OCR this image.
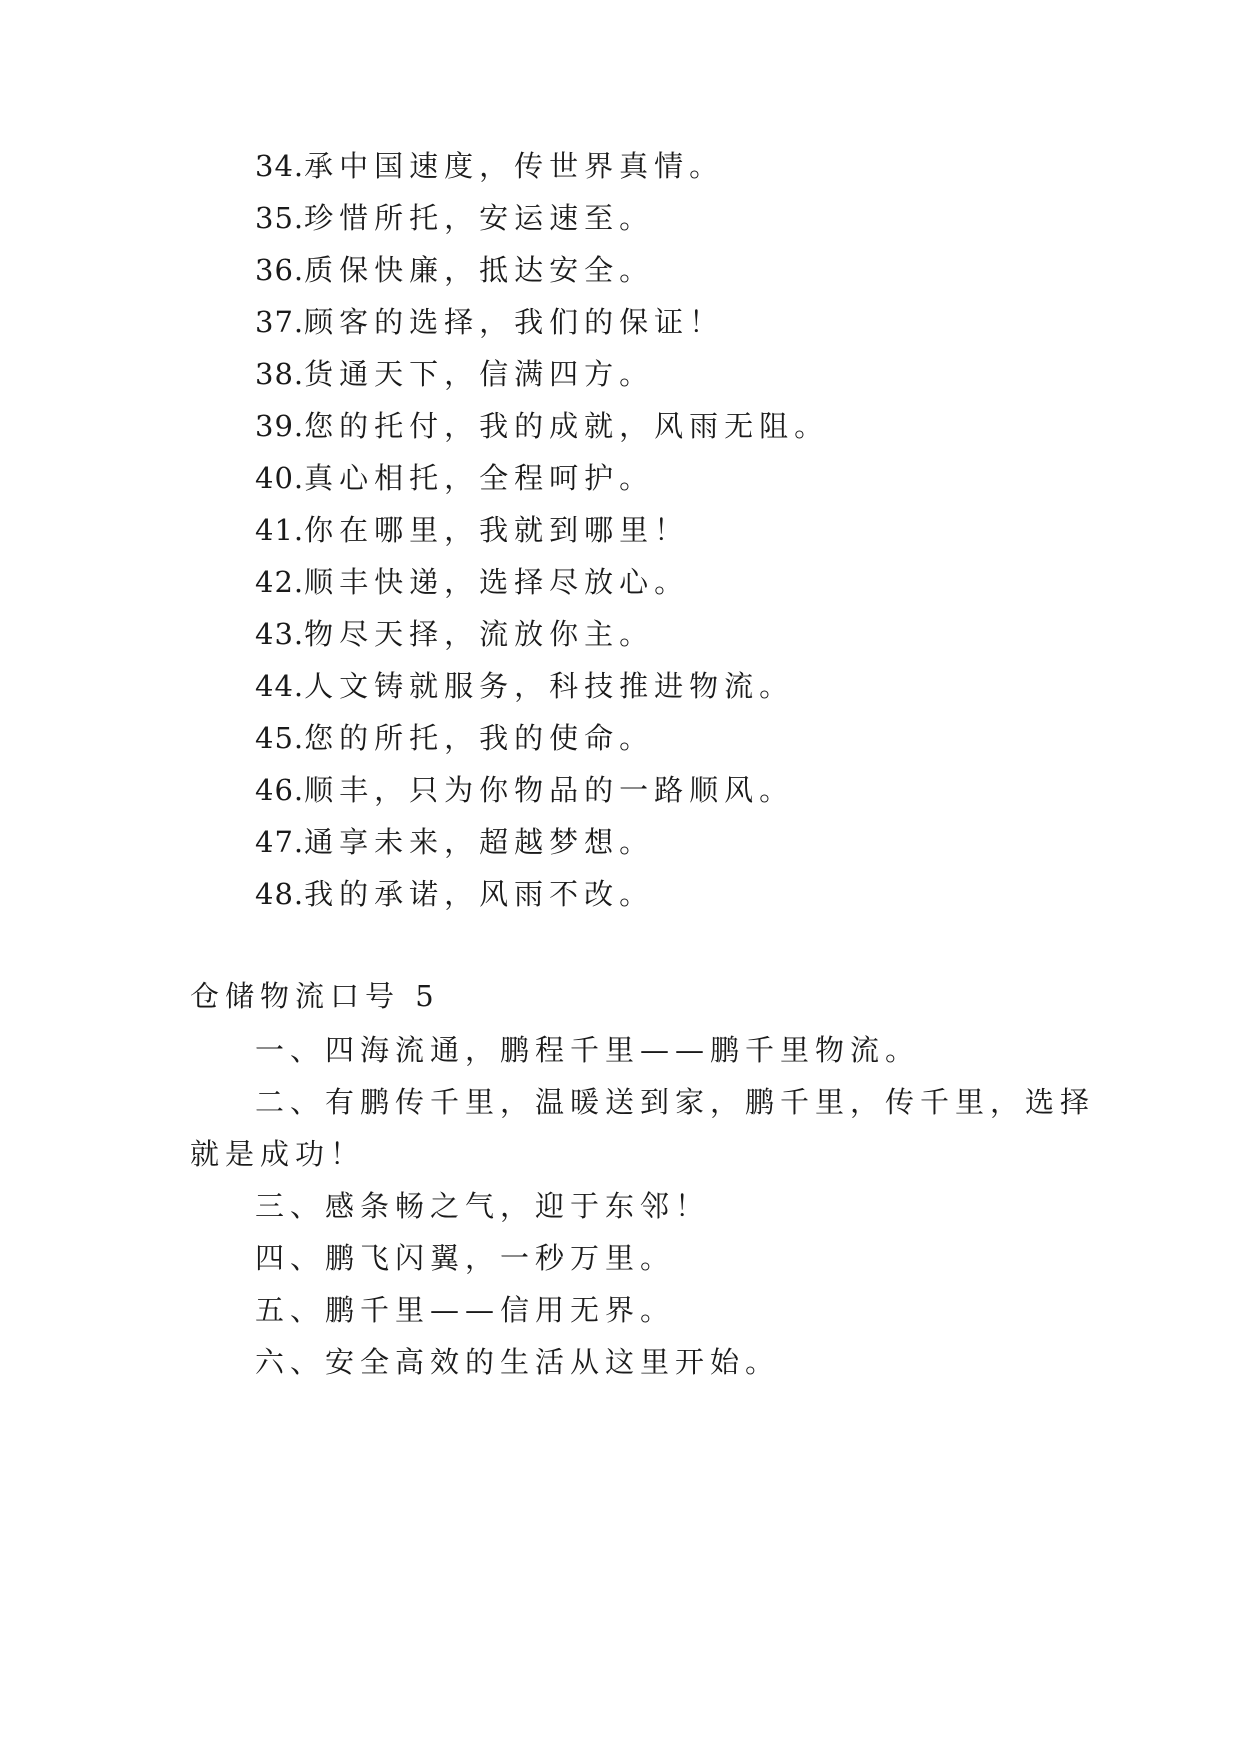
34.承中国速度，传世界真情。
35.珍惜所托，安运速至。
36.质保快廉，抵达安全。
37.顾客的选择，我们的保证！
38.货通天下，信满四方。
39.您的托付，我的成就，风雨无阻。
40.真心相托，全程呵护。
41.你在哪里，我就到哪里！
42.顺丰快递，选择尽放心。
43.物尽天择，流放你主。
44.人文铸就服务，科技推进物流。
45.您的所托，我的使命。
46.顺丰，只为你物品的一路顺风。
47.通享未来，超越梦想。
48.我的承诺，风雨不改。
仓储物流口号 5
一、四海流通，鹏程千里——鹏千里物流。
二、有鹏传千里，温暖送到家，鹏千里，传千里，选择
就是成功！
三、感条畅之气，迎于东邻！
四、鹏飞闪翼，一秒万里。
五、鹏千里——信用无界。
六、安全高效的生活从这里开始。
